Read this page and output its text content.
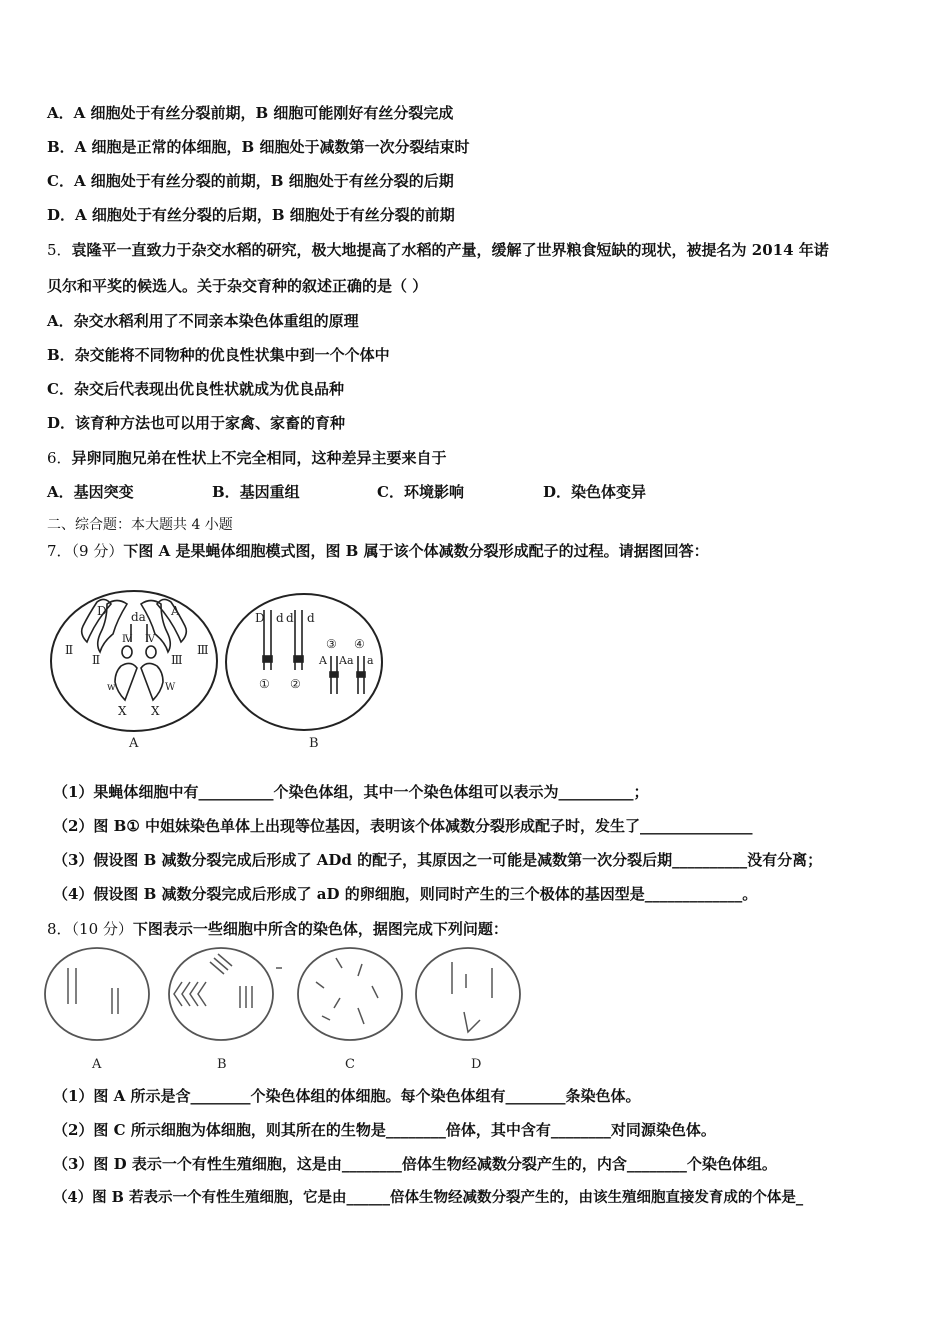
A．A 细胞处于有丝分裂前期，B 细胞可能刚好有丝分裂完成
B．A 细胞是正常的体细胞，B 细胞处于减数第一次分裂结束时
C．A 细胞处于有丝分裂的前期，B 细胞处于有丝分裂的后期
D．A 细胞处于有丝分裂的后期，B 细胞处于有丝分裂的前期
5．袁隆平一直致力于杂交水稻的研究，极大地提高了水稻的产量，缓解了世界粮食短缺的现状，被提名为 2014 年诺
贝尔和平奖的候选人。关于杂交育种的叙述正确的是（ ）
A．杂交水稻利用了不同亲本染色体重组的原理
B．杂交能将不同物种的优良性状集中到一个个体中
C．杂交后代表现出优良性状就成为优良品种
D．该育种方法也可以用于家禽、家畜的育种
6．异卵同胞兄弟在性状上不完全相同，这种差异主要来自于
A．基因突变	B．基因重组	C．环境影响	D．染色体变异
二、综合题：本大题共 4 小题
7．（9 分）下图 A 是果蝇体细胞模式图，图 B 属于该个体减数分裂形成配子的过程。请据图回答：
D da A
Ⅳ Ⅳ
Ⅱ
Ⅱ	Ⅲ
Ⅲ
w	W
X X
A
D d d d
① ②
③ ④
A Aa a
B
（1）果蝇体细胞中有__________个染色体组，其中一个染色体组可以表示为__________；
（2）图 B① 中姐妹染色单体上出现等位基因，表明该个体减数分裂形成配子时，发生了_______________
（3）假设图 B 减数分裂完成后形成了 ADd 的配子，其原因之一可能是减数第一次分裂后期__________没有分离；
（4）假设图 B 减数分裂完成后形成了 aD 的卵细胞，则同时产生的三个极体的基因型是_____________。
8．（10 分）下图表示一些细胞中所含的染色体，据图完成下列问题：
A	B	C	D
（1）图 A 所示是含________个染色体组的体细胞。每个染色体组有________条染色体。
（2）图 C 所示细胞为体细胞，则其所在的生物是________倍体，其中含有________对同源染色体。
（3）图 D 表示一个有性生殖细胞，这是由________倍体生物经减数分裂产生的，内含________个染色体组。
（4）图 B 若表示一个有性生殖细胞，它是由______倍体生物经减数分裂产生的，由该生殖细胞直接发育成的个体是_
